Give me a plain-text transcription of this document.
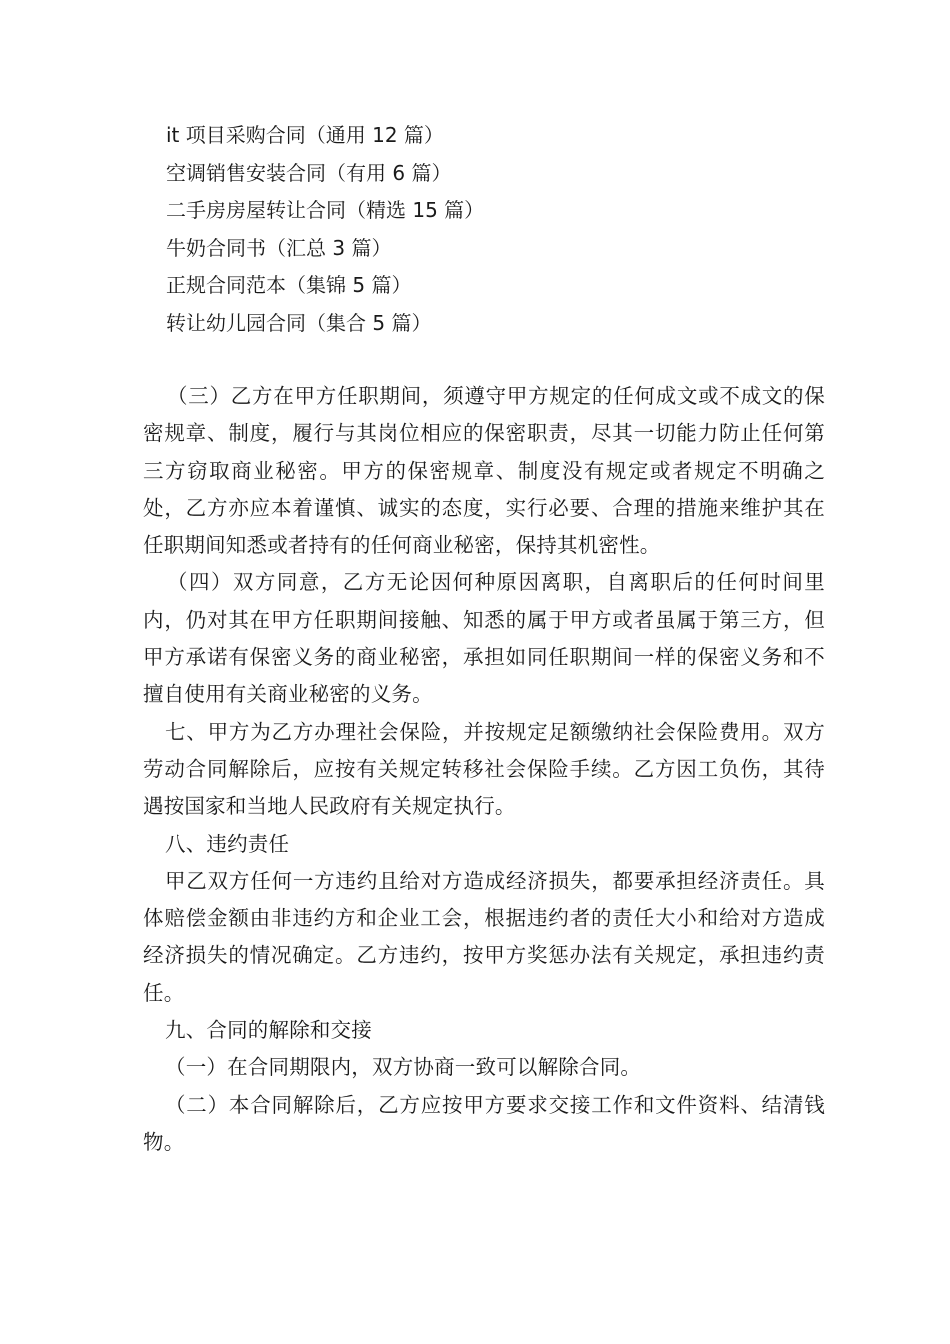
it 项目采购合同（通用 12 篇）
空调销售安装合同（有用 6 篇）
二手房房屋转让合同（精选 15 篇）
牛奶合同书（汇总 3 篇）
正规合同范本（集锦 5 篇）
转让幼儿园合同（集合 5 篇）

（三）乙方在甲方任职期间，须遵守甲方规定的任何成文或不成文的保密规章、制度，履行与其岗位相应的保密职责，尽其一切能力防止任何第三方窃取商业秘密。甲方的保密规章、制度没有规定或者规定不明确之处，乙方亦应本着谨慎、诚实的态度，实行必要、合理的措施来维护其在任职期间知悉或者持有的任何商业秘密，保持其机密性。

（四）双方同意，乙方无论因何种原因离职，自离职后的任何时间里内，仍对其在甲方任职期间接触、知悉的属于甲方或者虽属于第三方，但甲方承诺有保密义务的商业秘密，承担如同任职期间一样的保密义务和不擅自使用有关商业秘密的义务。

七、甲方为乙方办理社会保险，并按规定足额缴纳社会保险费用。双方劳动合同解除后，应按有关规定转移社会保险手续。乙方因工负伤，其待遇按国家和当地人民政府有关规定执行。

八、违约责任

甲乙双方任何一方违约且给对方造成经济损失，都要承担经济责任。具体赔偿金额由非违约方和企业工会，根据违约者的责任大小和给对方造成经济损失的情况确定。乙方违约，按甲方奖惩办法有关规定，承担违约责任。

九、合同的解除和交接

（一）在合同期限内，双方协商一致可以解除合同。

（二）本合同解除后，乙方应按甲方要求交接工作和文件资料、结清钱物。
